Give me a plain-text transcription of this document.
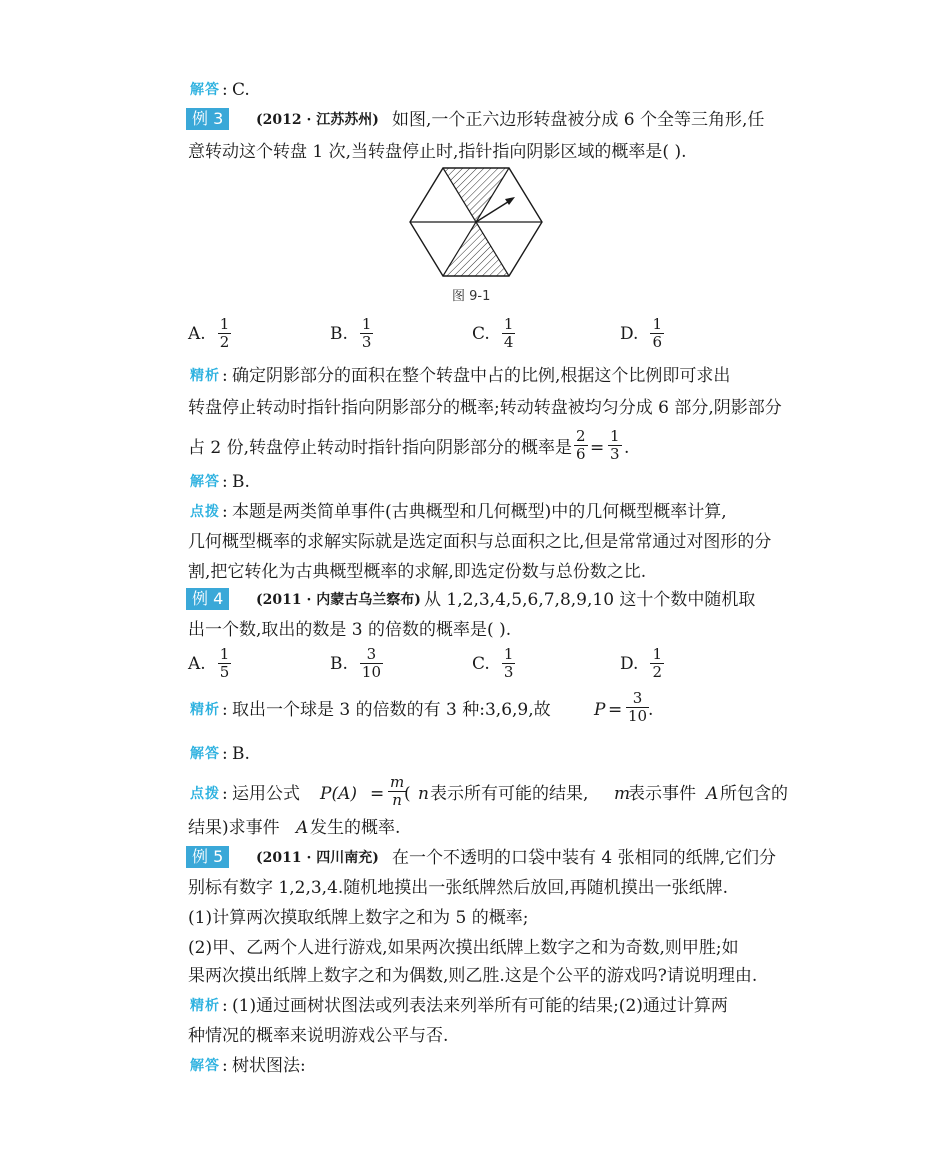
解答 : C.
例 3	(2012 · 江苏苏州) 如图,一个正六边形转盘被分成 6 个全等三角形,任
意转动这个转盘 1 次,当转盘停止时,指针指向阴影区域的概率是( ).
图 9-1
A. $\frac{1}{2}$	B. $\frac{1}{3}$	C. $\frac{1}{4}$	D. $\frac{1}{6}$
精析 : 确定阴影部分的面积在整个转盘中占的比例,根据这个比例即可求出
转盘停止转动时指针指向阴影部分的概率;转动转盘被均匀分成 6 部分,阴影部分
占 2 份,转盘停止转动时指针指向阴影部分的概率是 $\frac{2}{6} = \frac{1}{3}$ .
解答 : B.
点拨 : 本题是两类简单事件(古典概型和几何概型)中的几何概型概率计算,
几何概型概率的求解实际就是选定面积与总面积之比,但是常常通过对图形的分
割,把它转化为古典概型概率的求解,即选定份数与总份数之比.
例 4	(2011 · 内蒙古乌兰察布) 从 1,2,3,4,5,6,7,8,9,10 这十个数中随机取
出一个数,取出的数是 3 的倍数的概率是( ).
A. $\frac{1}{5}$	B. $\frac{3}{10}$	C. $\frac{1}{3}$	D. $\frac{1}{2}$
精析 : 取出一个球是 3 的倍数的有 3 种:3,6,9,故	$P = \frac{3}{10}$
.
解答 : B.
点拨 : 运用公式 $P(A) = \frac{m}{n}$
( n 表示所有可能的结果, m
表示事件 A 所包含的
结果)求事件 A 发生的概率.
例 5	(2011 · 四川南充) 在一个不透明的口袋中装有 4 张相同的纸牌,它们分
别标有数字 1,2,3,4.随机地摸出一张纸牌然后放回,再随机摸出一张纸牌.
(1)计算两次摸取纸牌上数字之和为 5 的概率;
(2)甲、乙两个人进行游戏,如果两次摸出纸牌上数字之和为奇数,则甲胜;如
果两次摸出纸牌上数字之和为偶数,则乙胜.这是个公平的游戏吗?请说明理由.
精析 : (1)通过画树状图法或列表法来列举所有可能的结果;(2)通过计算两
种情况的概率来说明游戏公平与否.
解答 : 树状图法:
